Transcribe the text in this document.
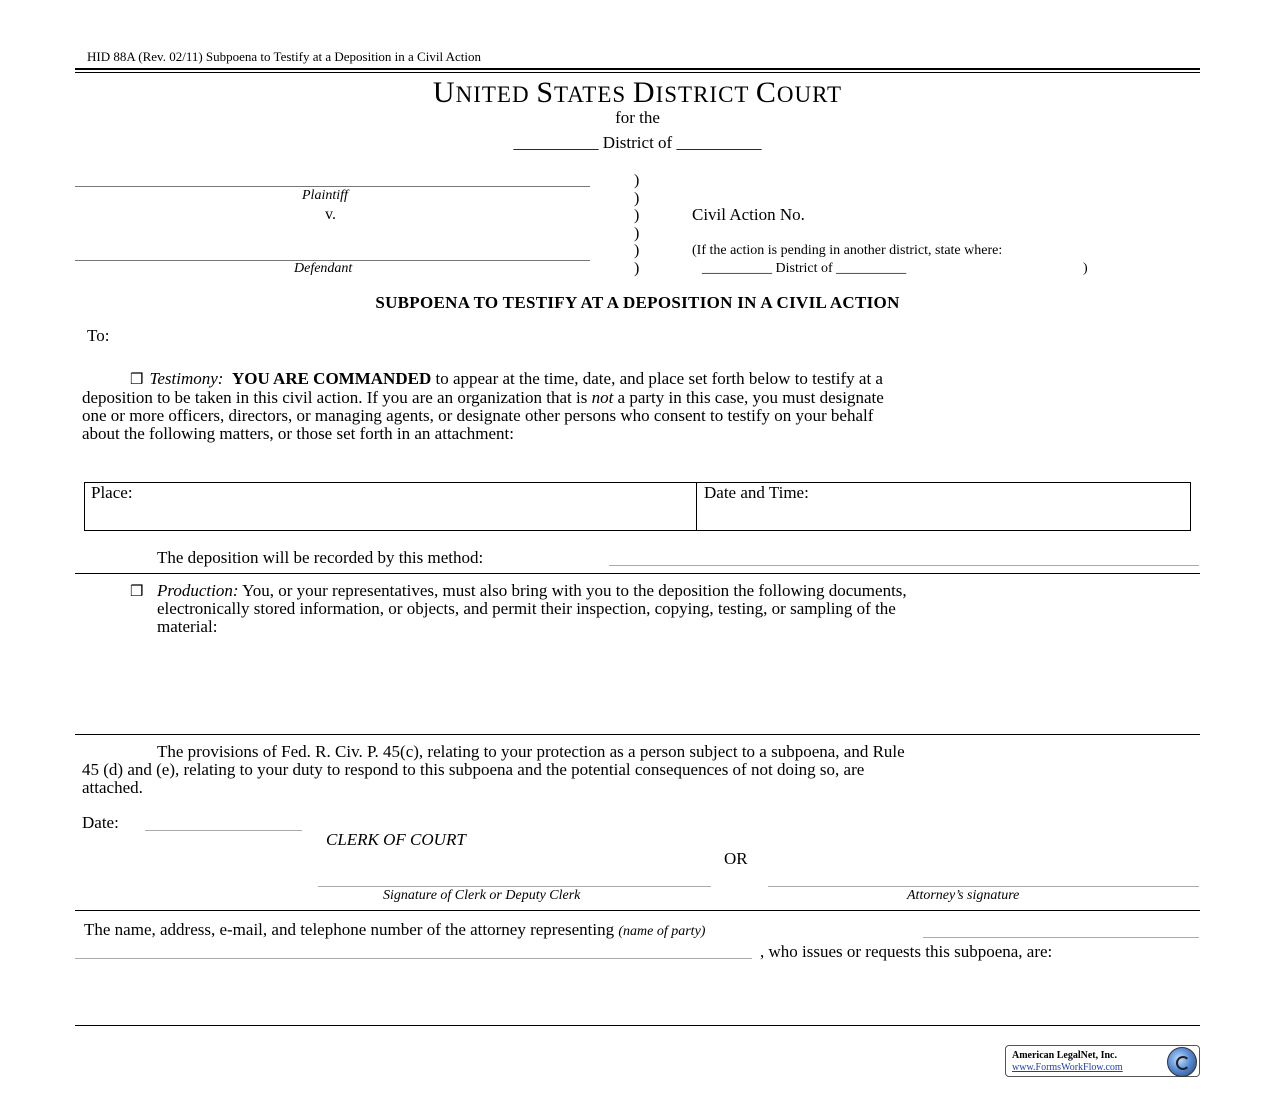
HID 88A (Rev. 02/11) Subpoena to Testify at a Deposition in a Civil Action
UNITED STATES DISTRICT COURT
for the
__________ District of __________
Plaintiff
v.
Defendant
)
)
)
)
)
)
Civil Action No.
(If the action is pending in another district, state where:
__________ District of __________	)
SUBPOENA TO TESTIFY AT A DEPOSITION IN A CIVIL ACTION
To:
❒ Testimony: YOU ARE COMMANDED to appear at the time, date, and place set forth below to testify at a
deposition to be taken in this civil action. If you are an organization that is not a party in this case, you must designate
one or more officers, directors, or managing agents, or designate other persons who consent to testify on your behalf
about the following matters, or those set forth in an attachment:
Place:	Date and Time:
The deposition will be recorded by this method:
❒ Production: You, or your representatives, must also bring with you to the deposition the following documents,
electronically stored information, or objects, and permit their inspection, copying, testing, or sampling of the
material:
The provisions of Fed. R. Civ. P. 45(c), relating to your protection as a person subject to a subpoena, and Rule
45 (d) and (e), relating to your duty to respond to this subpoena and the potential consequences of not doing so, are
attached.
Date:
CLERK OF COURT
OR
Signature of Clerk or Deputy Clerk	Attorney’s signature
The name, address, e-mail, and telephone number of the attorney representing (name of party)
, who issues or requests this subpoena, are:
American LegalNet, Inc.
www.FormsWorkFlow.com
